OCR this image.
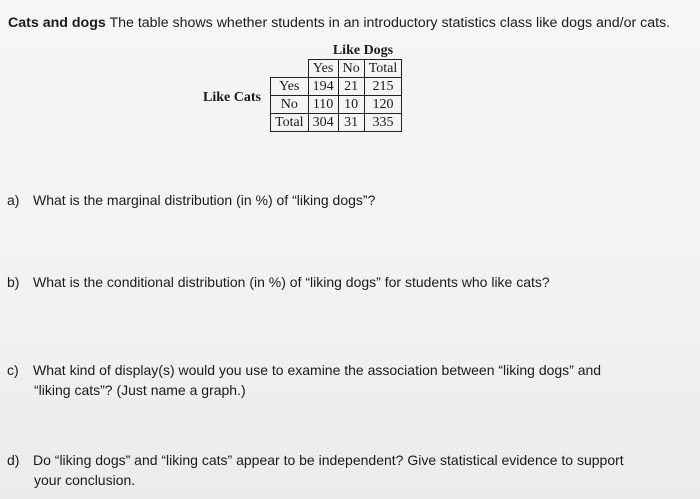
Cats and dogs The table shows whether students in an introductory statistics class like dogs and/or cats.
Like Dogs
Like Cats
	Yes	No	Total
Yes	194	21	215
No	110	10	120
Total	304	31	335
a) What is the marginal distribution (in %) of “liking dogs”?
b) What is the conditional distribution (in %) of “liking dogs” for students who like cats?
c) What kind of display(s) would you use to examine the association between “liking dogs” and
“liking cats”? (Just name a graph.)
d) Do “liking dogs” and “liking cats” appear to be independent? Give statistical evidence to support
your conclusion.
